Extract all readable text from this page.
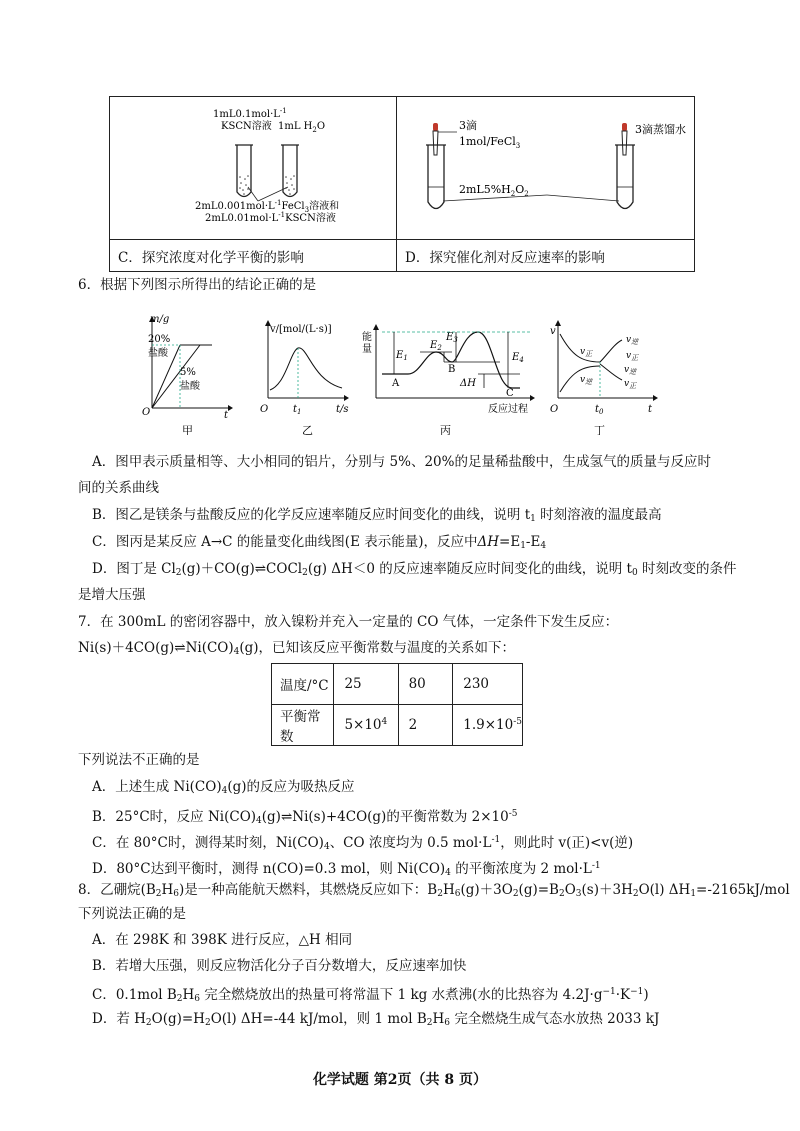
$1mL0.1mol\cdot L^{-1}$
KSCN溶液 1mL $H_2O$
$2mL0.001mol\cdot L^{-1}FeCl_3$溶液和
$2mL0.01mol\cdot L^{-1}KSCN$溶液	3滴
1mol/FeCl$_3$
3滴蒸馏水
$2mL5\%H_2O_2$

C．探究浓度对化学平衡的影响	D．探究催化剂对反应速率的影响
6．根据下列图示所得出的结论正确的是
m/g
20%
盐酸
5%
盐酸
O	t
甲
v/[mol/(L·s)]
O $t_1$	t/s
乙
能
量
$E_1$
$E_2$
$E_3$
$E_4$
A
B
C
ΔH
反应过程
丙
v
$v_正$
$v_逆$
$v_逆$
$v_正$
$v_逆$
$v_正$
O	$t_0$	t
丁
A．图甲表示质量相等、大小相同的铝片，分别与 5%、20%的足量稀盐酸中，生成氢气的质量与反应时
间的关系曲线
B．图乙是镁条与盐酸反应的化学反应速率随反应时间变化的曲线，说明 $t_1$ 时刻溶液的温度最高
C．图丙是某反应 A→C 的能量变化曲线图(E 表示能量)，反应中$\Delta H=E_1-E_4$
D．图丁是 $Cl_2(g)+CO(g)\rightleftharpoons COCl_2(g)$ ΔH＜0 的反应速率随反应时间变化的曲线，说明 $t_0$ 时刻改变的条件
是增大压强
7．在 300mL 的密闭容器中，放入镍粉并充入一定量的 CO 气体，一定条件下发生反应：
$Ni(s)+4CO(g)\rightleftharpoons Ni(CO)_4(g)$，已知该反应平衡常数与温度的关系如下：
温度/°C	25	80	230
平衡常数	$5\times 10^4$	2	$1.9\times 10^{-5}$
下列说法不正确的是
A．上述生成 $Ni(CO)_4(g)$的反应为吸热反应
B．25°C时，反应 $Ni(CO)_4(g)\rightleftharpoons Ni(s)+4CO(g)$的平衡常数为 $2\times 10^{-5}$
C．在 80°C时，测得某时刻，$Ni(CO)_4$、CO 浓度均为 0.5 $mol\cdot L^{-1}$，则此时 v(正)<v(逆)
D．80°C达到平衡时，测得 n(CO)=0.3 mol，则 $Ni(CO)_4$ 的平衡浓度为 2 $mol\cdot L^{-1}$
8．乙硼烷$(B_2H_6)$是一种高能航天燃料，其燃烧反应如下：$B_2H_6(g)+3O_2(g)=B_2O_3(s)+3H_2O(l)$ $\Delta H_1=-2165kJ$/mol
下列说法正确的是
A．在 298K 和 398K 进行反应，△H 相同
B．若增大压强，则反应物活化分子百分数增大，反应速率加快
C．0.1mol $B_2H_6$ 完全燃烧放出的热量可将常温下 1 kg 水煮沸(水的比热容为 $4.2J\cdot g^{-1}\cdot K^{-1}$)
D．若 $H_2O(g)=H_2O(l)$ ΔH=-44 kJ/mol，则 1 mol $B_2H_6$ 完全燃烧生成气态水放热 2033 kJ
化学试题 第2页（共 8 页）
